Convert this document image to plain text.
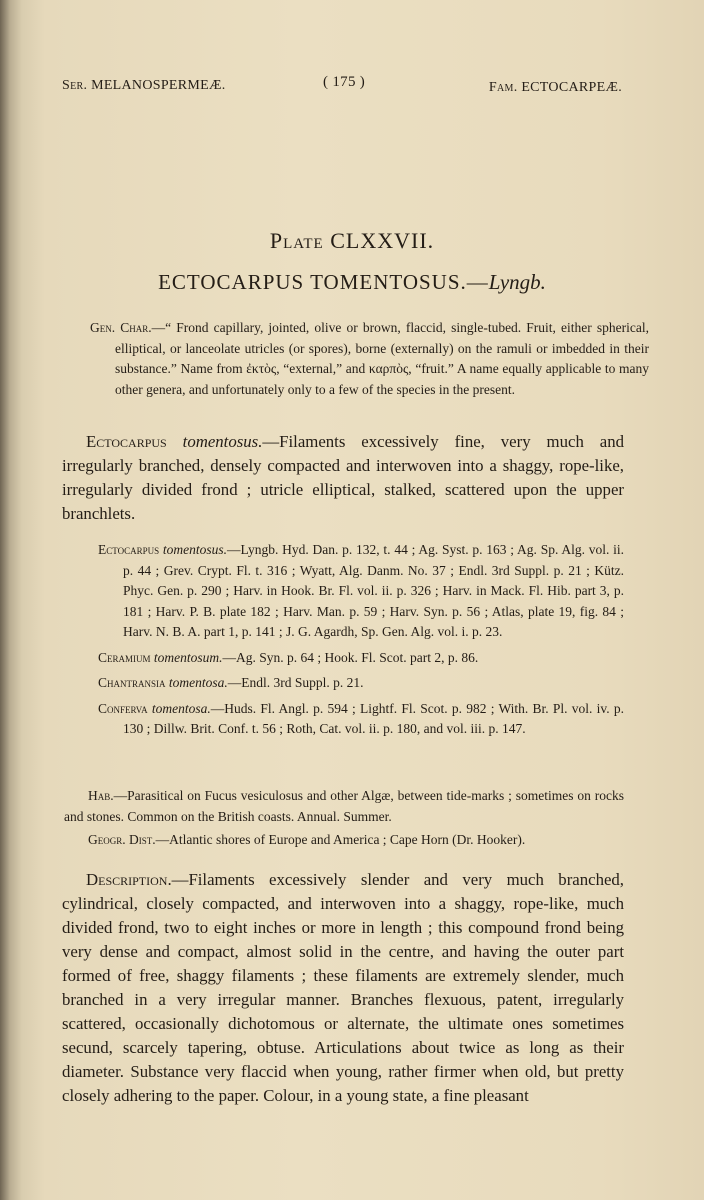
Ser. MELANOSPERMEÆ.	( 175 )	Fam. ECTOCARPEÆ.
Plate CLXXVII.
ECTOCARPUS TOMENTOSUS.—Lyngb.
Gen. Char.—“ Frond capillary, jointed, olive or brown, flaccid, single-tubed. Fruit, either spherical, elliptical, or lanceolate utricles (or spores), borne (externally) on the ramuli or imbedded in their substance.” Name from ἐκτὸς, “external,” and καρπὸς, “fruit.” A name equally applicable to many other genera, and unfortunately only to a few of the species in the present.
Ectocarpus tomentosus.—Filaments excessively fine, very much and irregularly branched, densely compacted and interwoven into a shaggy, rope-like, irregularly divided frond ; utricle elliptical, stalked, scattered upon the upper branchlets.

Ectocarpus tomentosus.—Lyngb. Hyd. Dan. p. 132, t. 44 ; Ag. Syst. p. 163 ; Ag. Sp. Alg. vol. ii. p. 44 ; Grev. Crypt. Fl. t. 316 ; Wyatt, Alg. Danm. No. 37 ; Endl. 3rd Suppl. p. 21 ; Kütz. Phyc. Gen. p. 290 ; Harv. in Hook. Br. Fl. vol. ii. p. 326 ; Harv. in Mack. Fl. Hib. part 3, p. 181 ; Harv. P. B. plate 182 ; Harv. Man. p. 59 ; Harv. Syn. p. 56 ; Atlas, plate 19, fig. 84 ; Harv. N. B. A. part 1, p. 141 ; J. G. Agardh, Sp. Gen. Alg. vol. i. p. 23.

Ceramium tomentosum.—Ag. Syn. p. 64 ; Hook. Fl. Scot. part 2, p. 86.

Chantransia tomentosa.—Endl. 3rd Suppl. p. 21.

Conferva tomentosa.—Huds. Fl. Angl. p. 594 ; Lightf. Fl. Scot. p. 982 ; With. Br. Pl. vol. iv. p. 130 ; Dillw. Brit. Conf. t. 56 ; Roth, Cat. vol. ii. p. 180, and vol. iii. p. 147.

Hab.—Parasitical on Fucus vesiculosus and other Algæ, between tide-marks ; sometimes on rocks and stones. Common on the British coasts. Annual. Summer.
Geogr. Dist.—Atlantic shores of Europe and America ; Cape Horn (Dr. Hooker).
Description.—Filaments excessively slender and very much branched, cylindrical, closely compacted, and interwoven into a shaggy, rope-like, much divided frond, two to eight inches or more in length ; this compound frond being very dense and compact, almost solid in the centre, and having the outer part formed of free, shaggy filaments ; these filaments are extremely slender, much branched in a very irregular manner. Branches flexuous, patent, irregularly scattered, occasionally dichotomous or alternate, the ultimate ones sometimes secund, scarcely tapering, obtuse. Articulations about twice as long as their diameter. Substance very flaccid when young, rather firmer when old, but pretty closely adhering to the paper. Colour, in a young state, a fine pleasant
